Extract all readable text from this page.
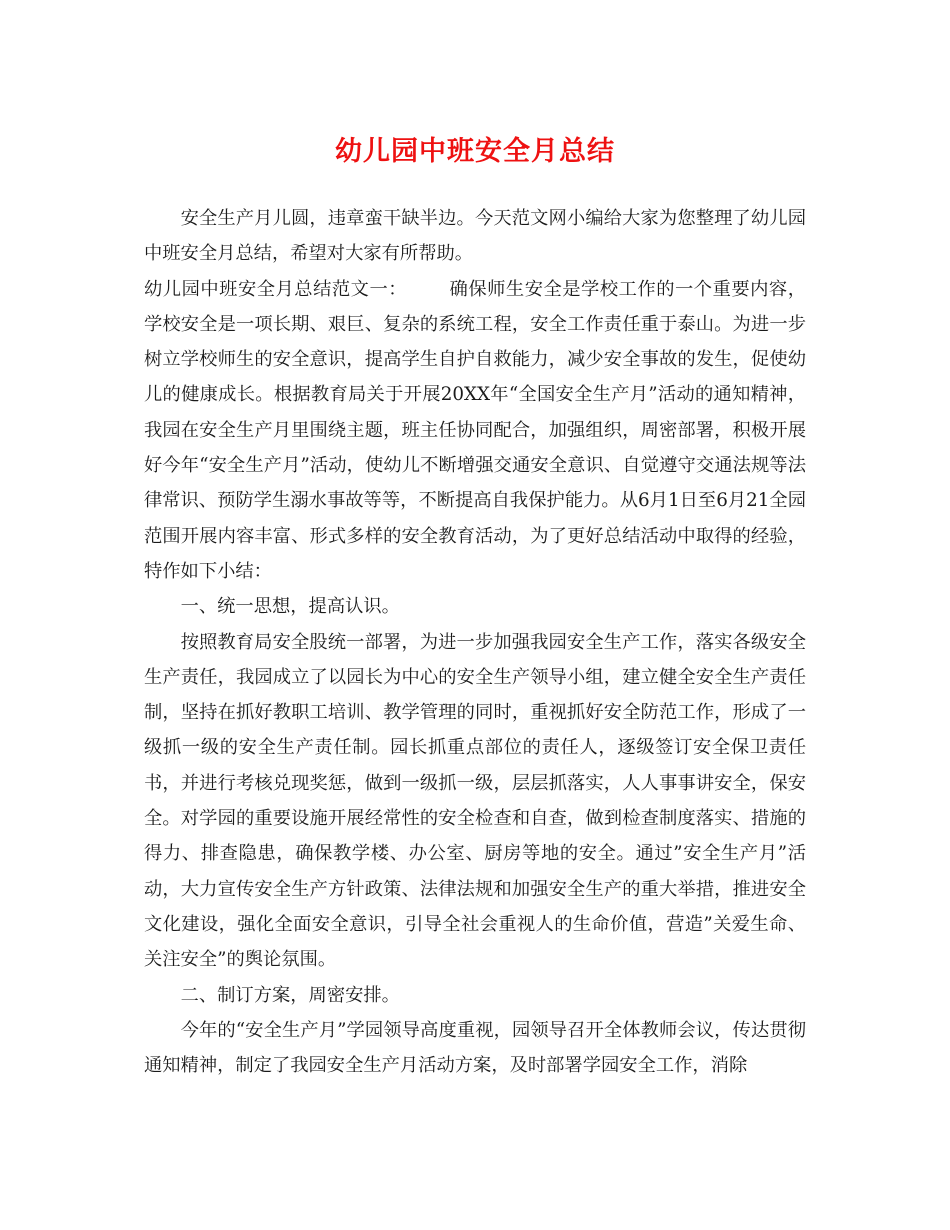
幼儿园中班安全月总结

安全生产月儿圆，违章蛮干缺半边。今天范文网小编给大家为您整理了幼儿园中班安全月总结，希望对大家有所帮助。

幼儿园中班安全月总结范文一： 确保师生安全是学校工作的一个重要内容，学校安全是一项长期、艰巨、复杂的系统工程，安全工作责任重于泰山。为进一步树立学校师生的安全意识，提高学生自护自救能力，减少安全事故的发生，促使幼儿的健康成长。根据教育局关于开展20XX年“全国安全生产月”活动的通知精神，我园在安全生产月里围绕主题，班主任协同配合，加强组织，周密部署，积极开展好今年“安全生产月”活动，使幼儿不断增强交通安全意识、自觉遵守交通法规等法律常识、预防学生溺水事故等等，不断提高自我保护能力。从6月1日至6月21全园范围开展内容丰富、形式多样的安全教育活动，为了更好总结活动中取得的经验，特作如下小结：

一、统一思想，提高认识。

按照教育局安全股统一部署，为进一步加强我园安全生产工作，落实各级安全生产责任，我园成立了以园长为中心的安全生产领导小组，建立健全安全生产责任制，坚持在抓好教职工培训、教学管理的同时，重视抓好安全防范工作，形成了一级抓一级的安全生产责任制。园长抓重点部位的责任人，逐级签订安全保卫责任书，并进行考核兑现奖惩，做到一级抓一级，层层抓落实，人人事事讲安全，保安全。对学园的重要设施开展经常性的安全检查和自查，做到检查制度落实、措施的得力、排查隐患，确保教学楼、办公室、厨房等地的安全。通过”安全生产月”活动，大力宣传安全生产方针政策、法律法规和加强安全生产的重大举措，推进安全文化建设，强化全面安全意识，引导全社会重视人的生命价值，营造”关爱生命、关注安全”的舆论氛围。

二、制订方案，周密安排。

今年的“安全生产月”学园领导高度重视，园领导召开全体教师会议，传达贯彻通知精神，制定了我园安全生产月活动方案，及时部署学园安全工作，消除
